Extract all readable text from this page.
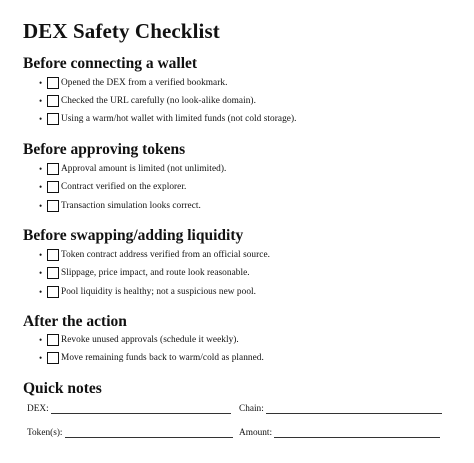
DEX Safety Checklist
Before connecting a wallet
•	Opened the DEX from a verified bookmark.
•	Checked the URL carefully (no look-alike domain).
•	Using a warm/hot wallet with limited funds (not cold storage).
Before approving tokens
•	Approval amount is limited (not unlimited).
•	Contract verified on the explorer.
•	Transaction simulation looks correct.
Before swapping/adding liquidity
•	Token contract address verified from an official source.
•	Slippage, price impact, and route look reasonable.
•	Pool liquidity is healthy; not a suspicious new pool.
After the action
•	Revoke unused approvals (schedule it weekly).
•	Move remaining funds back to warm/cold as planned.
Quick notes
DEX:	Chain:
Token(s):	Amount:
